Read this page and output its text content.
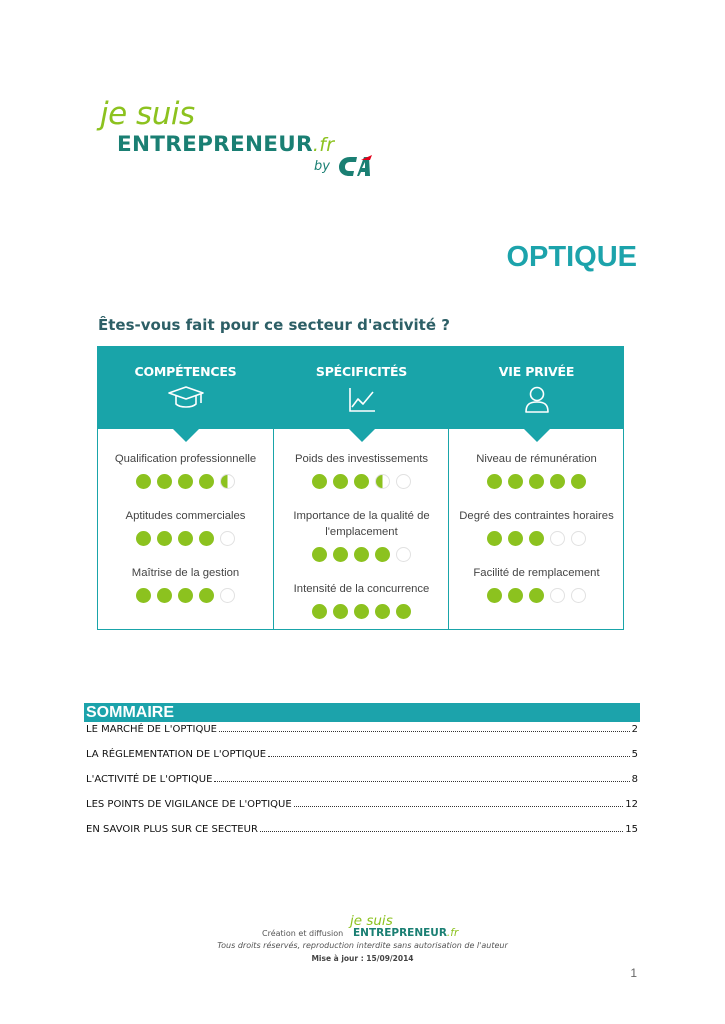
je suis
ENTREPRENEUR.fr
by
OPTIQUE
Êtes-vous fait pour ce secteur d'activité ?
COMPÉTENCES
Qualification professionnelle
Aptitudes commerciales
Maîtrise de la gestion
SPÉCIFICITÉS
Poids des investissements
Importance de la qualité de l'emplacement
Intensité de la concurrence
VIE PRIVÉE
Niveau de rémunération
Degré des contraintes horaires
Facilité de remplacement
SOMMAIRE
LE MARCHÉ DE L'OPTIQUE	2
LA RÉGLEMENTATION DE L'OPTIQUE	5
L'ACTIVITÉ DE L'OPTIQUE	8
LES POINTS DE VIGILANCE DE L'OPTIQUE	12
EN SAVOIR PLUS SUR CE SECTEUR	15
Création et diffusion
je suis
ENTREPRENEUR.fr
Tous droits réservés, reproduction interdite sans autorisation de l'auteur
Mise à jour : 15/09/2014
1
